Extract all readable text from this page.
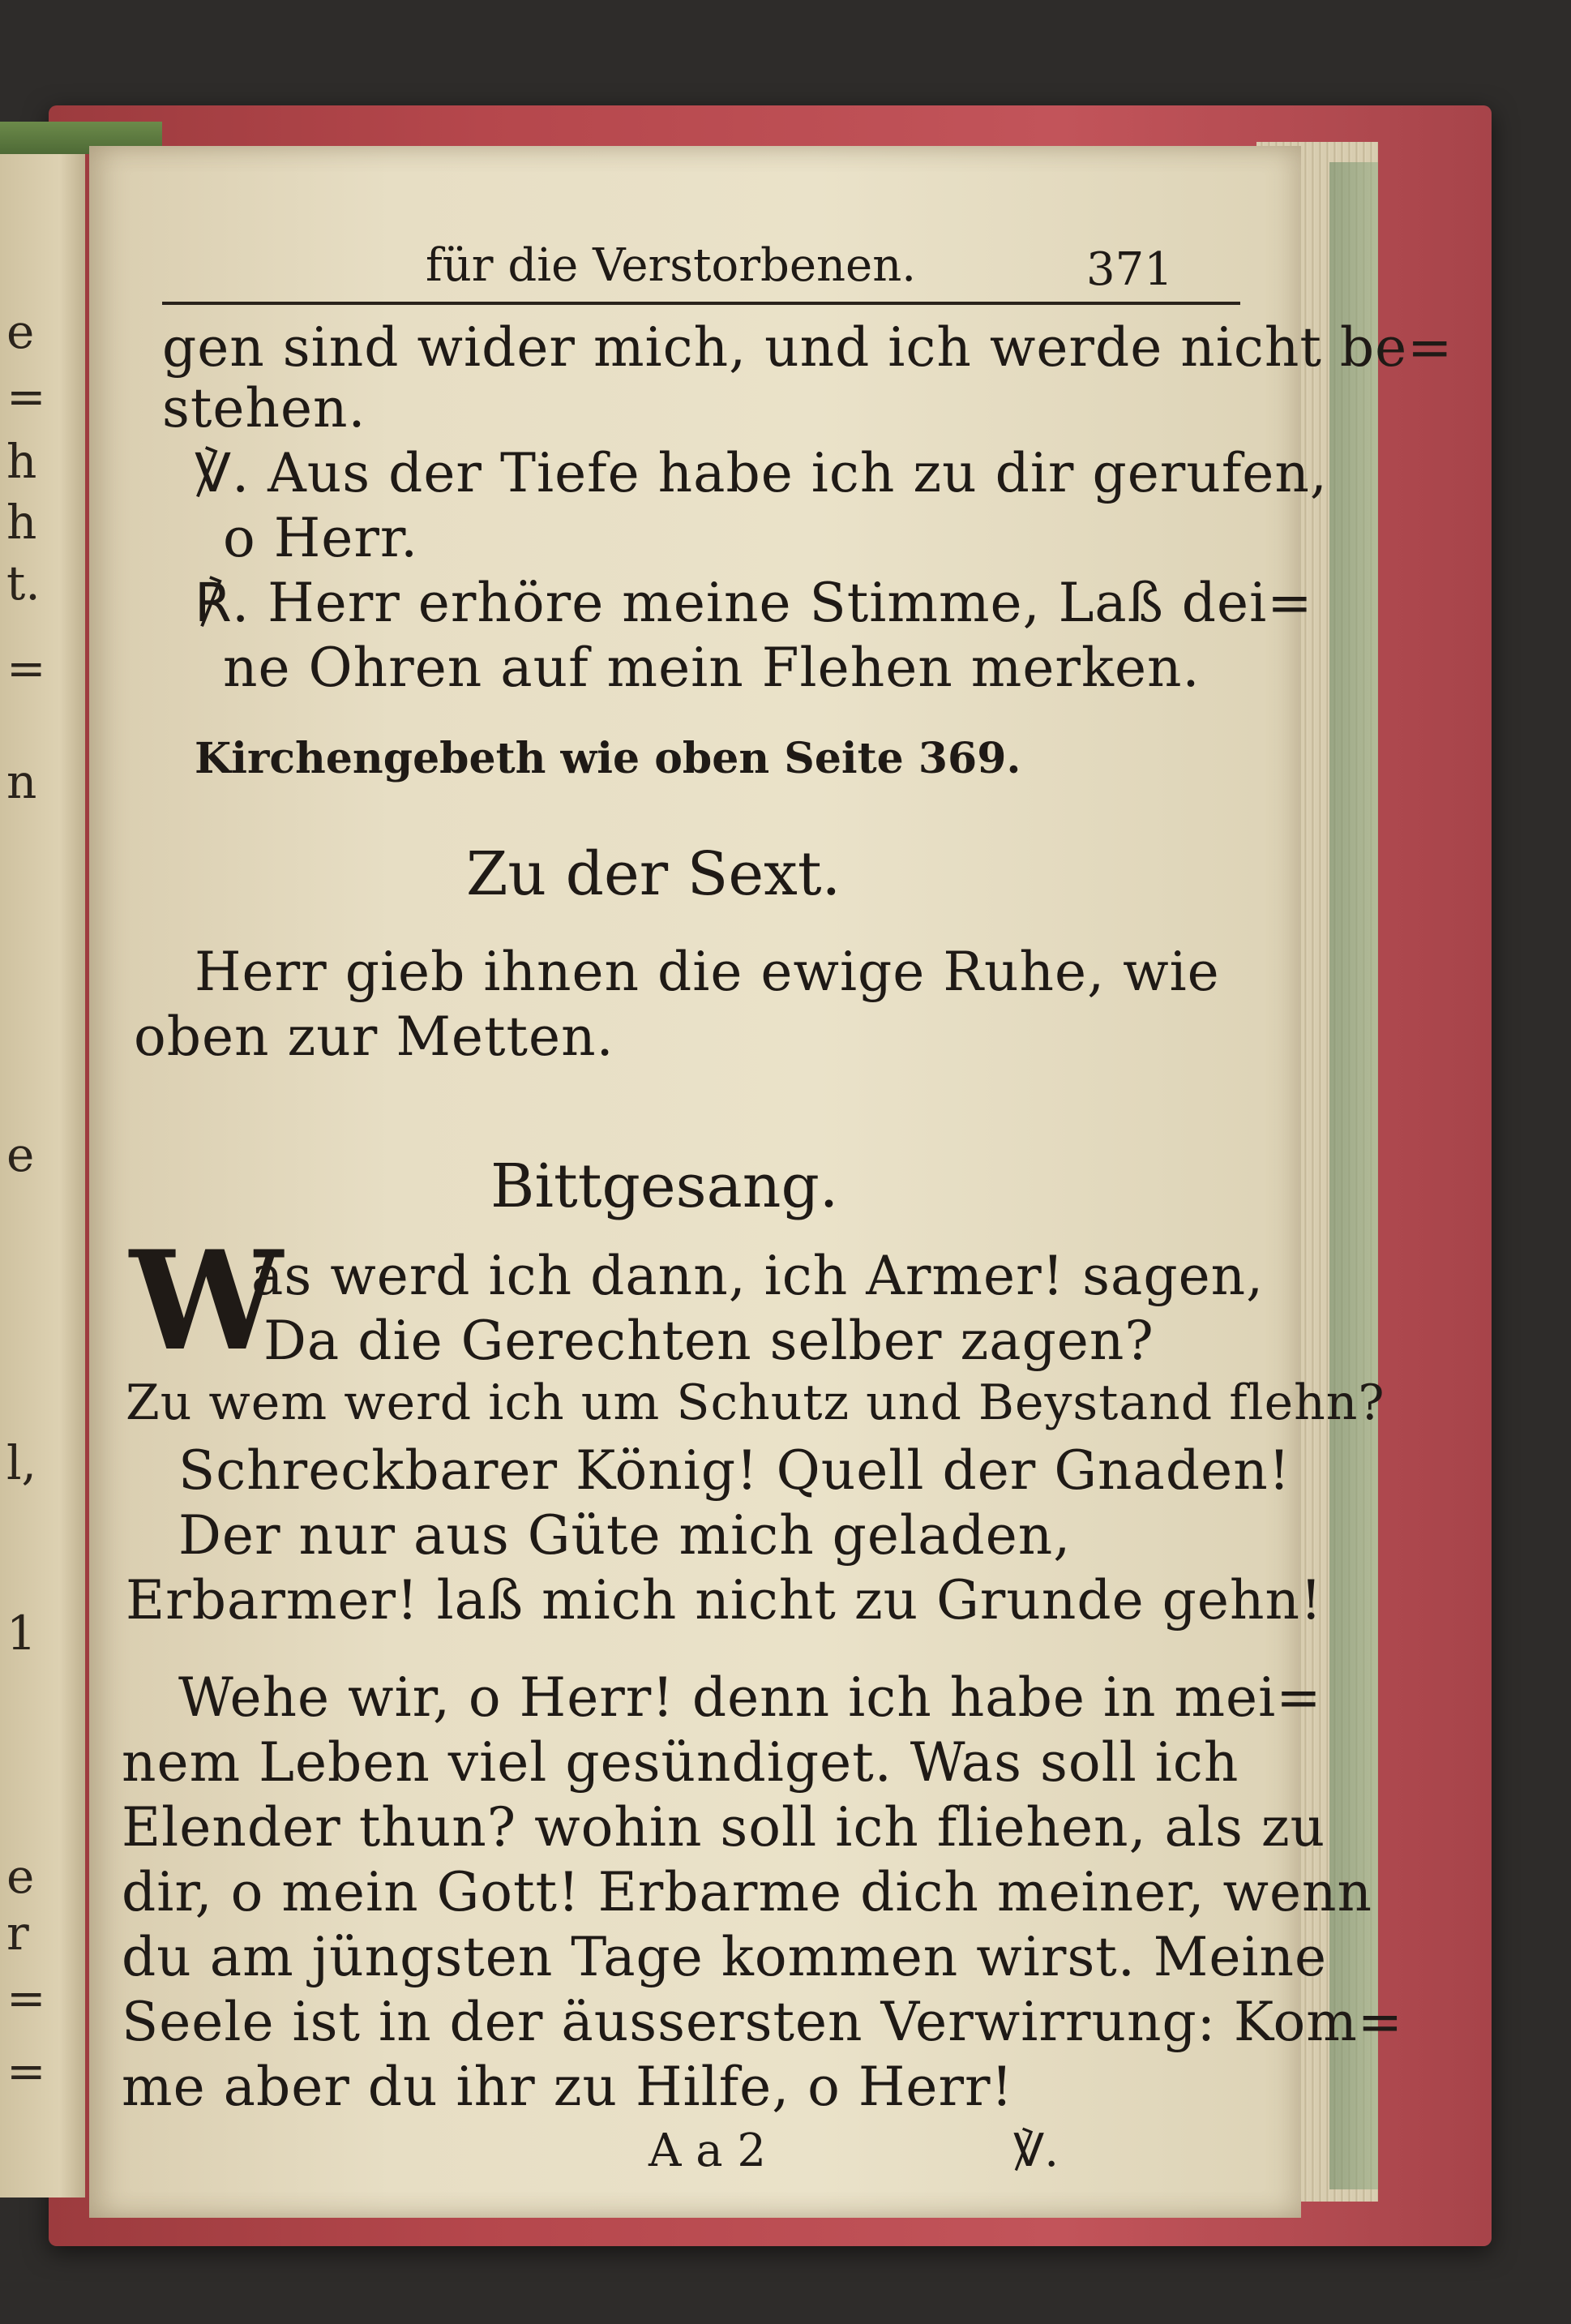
e
=
h
h
t.
=
n
e
l,
1
e
r
=
=
für die Verstorbenen.	371
gen sind wider mich, und ich werde nicht be=
stehen.
℣. Aus der Tiefe habe ich zu dir gerufen,
o Herr.
℟. Herr erhöre meine Stimme, Laß dei=
ne Ohren auf mein Flehen merken.
Kirchengebeth wie oben Seite 369.
Zu der Sext.
Herr gieb ihnen die ewige Ruhe, wie
oben zur Metten.
Bittgesang.
W
as werd ich dann, ich Armer! sagen,
Da die Gerechten selber zagen?
Zu wem werd ich um Schutz und Beystand flehn?
Schreckbarer König! Quell der Gnaden!
Der nur aus Güte mich geladen,
Erbarmer! laß mich nicht zu Grunde gehn!
Wehe wir, o Herr! denn ich habe in mei=
nem Leben viel gesündiget. Was soll ich
Elender thun? wohin soll ich fliehen, als zu
dir, o mein Gott! Erbarme dich meiner, wenn
du am jüngsten Tage kommen wirst. Meine
Seele ist in der äussersten Verwirrung: Kom=
me aber du ihr zu Hilfe, o Herr!
A a 2	℣.
